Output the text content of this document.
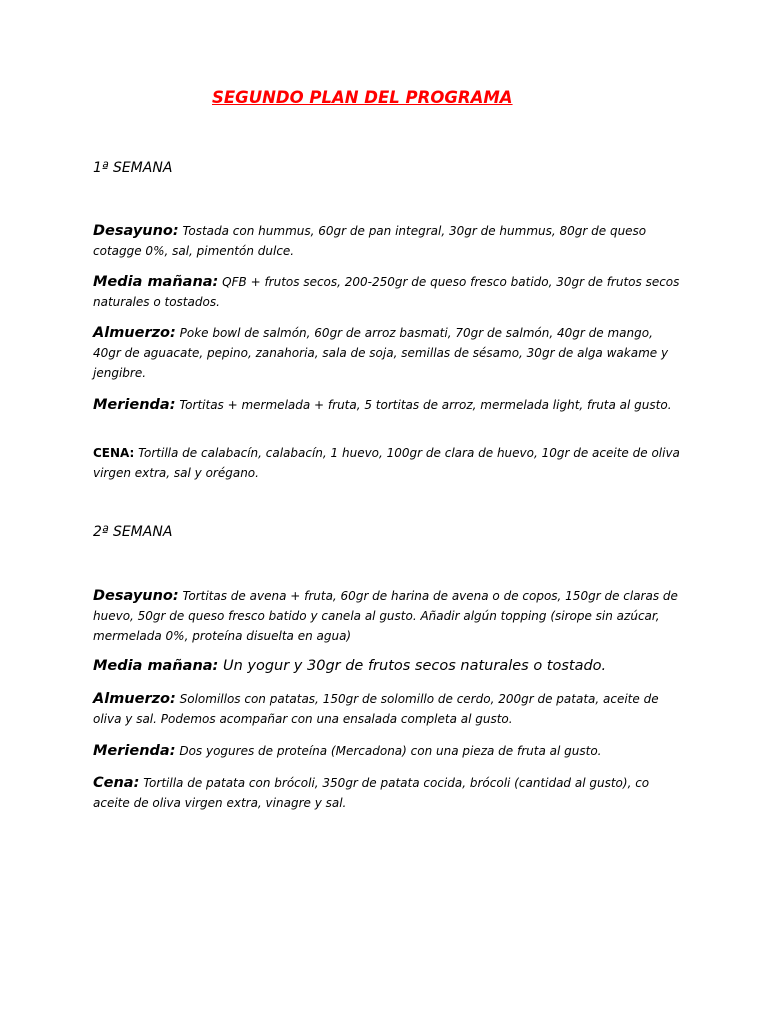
SEGUNDO PLAN DEL PROGRAMA
1ª SEMANA
Desayuno: Tostada con hummus, 60gr de pan integral, 30gr de hummus, 80gr de queso cotagge 0%, sal, pimentón dulce.
Media mañana: QFB + frutos secos, 200-250gr de queso fresco batido, 30gr de frutos secos naturales o tostados.
Almuerzo: Poke bowl de salmón, 60gr de arroz basmati, 70gr de salmón, 40gr de mango, 40gr de aguacate, pepino, zanahoria, sala de soja, semillas de sésamo, 30gr de alga wakame y jengibre.
Merienda: Tortitas + mermelada + fruta, 5 tortitas de arroz, mermelada light, fruta al gusto.
CENA: Tortilla de calabacín, calabacín, 1 huevo, 100gr de clara de huevo, 10gr de aceite de oliva virgen extra, sal y orégano.
2ª SEMANA
Desayuno: Tortitas de avena + fruta, 60gr de harina de avena o de copos, 150gr de claras de huevo, 50gr de queso fresco batido y canela al gusto. Añadir algún topping (sirope sin azúcar, mermelada 0%, proteína disuelta en agua)
Media mañana: Un yogur y 30gr de frutos secos naturales o tostado.
Almuerzo: Solomillos con patatas, 150gr de solomillo de cerdo, 200gr de patata, aceite de oliva y sal. Podemos acompañar con una ensalada completa al gusto.
Merienda: Dos yogures de proteína (Mercadona) con una pieza de fruta al gusto.
Cena: Tortilla de patata con brócoli, 350gr de patata cocida, brócoli (cantidad al gusto), co aceite de oliva virgen extra, vinagre y sal.
